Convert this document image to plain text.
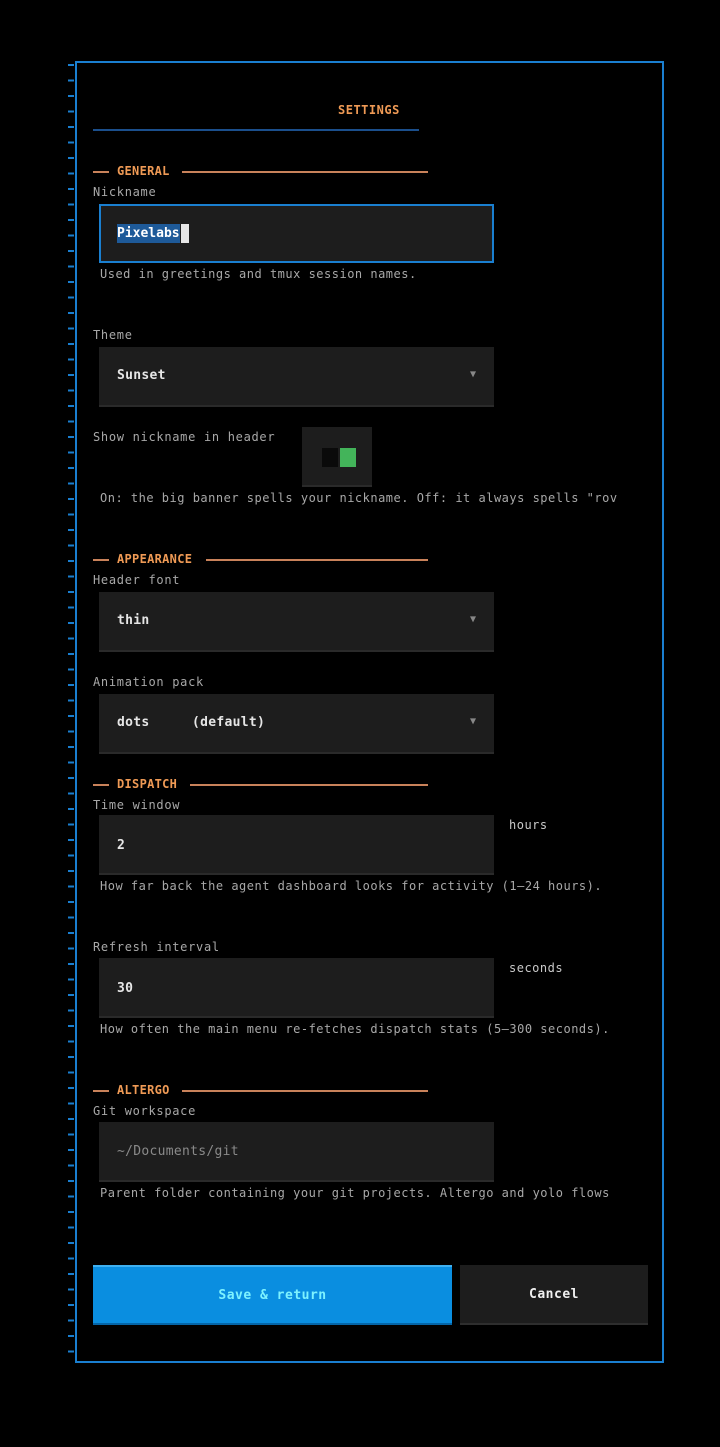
SETTINGS
GENERAL
Nickname
Pixelabs
Used in greetings and tmux session names.
Theme
Sunset	▼
Show nickname in header
On: the big banner spells your nickname. Off: it always spells "rov
APPEARANCE
Header font
thin	▼
Animation pack
dots	(default)	▼
DISPATCH
Time window
2
hours
How far back the agent dashboard looks for activity (1–24 hours).
Refresh interval
30
seconds
How often the main menu re-fetches dispatch stats (5–300 seconds).
ALTERGO
Git workspace
~/Documents/git
Parent folder containing your git projects. Altergo and yolo flows
Save & return	Cancel
